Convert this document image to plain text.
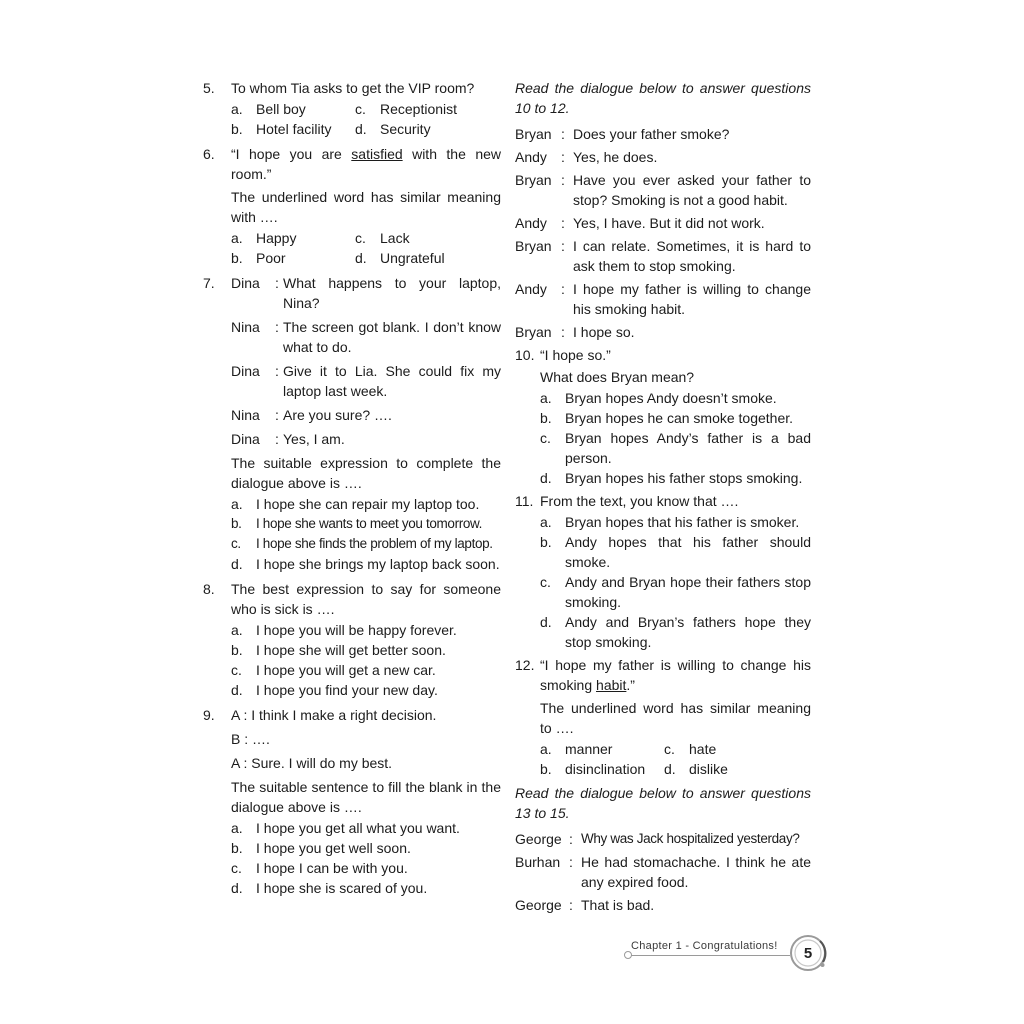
5. To whom Tia asks to get the VIP room?
a. Bell boy	c. Receptionist
b. Hotel facility	d. Security
6. “I hope you are satisfied with the new room.”
The underlined word has similar meaning with ….
a. Happy	c. Lack
b. Poor	d. Ungrateful
7. Dina	: What happens to your laptop, Nina?
Nina	: The screen got blank. I don’t know what to do.
Dina	: Give it to Lia. She could fix my laptop last week.
Nina	: Are you sure? ….
Dina	: Yes, I am.
The suitable expression to complete the dialogue above is ….
a. I hope she can repair my laptop too.
b. I hope she wants to meet you tomorrow.
c. I hope she finds the problem of my laptop.
d. I hope she brings my laptop back soon.
8. The best expression to say for someone who is sick is ….
a. I hope you will be happy forever.
b. I hope she will get better soon.
c. I hope you will get a new car.
d. I hope you find your new day.
9. A : I think I make a right decision.
B : ….
A : Sure. I will do my best.
The suitable sentence to fill the blank in the dialogue above is ….
a. I hope you get all what you want.
b. I hope you get well soon.
c. I hope I can be with you.
d. I hope she is scared of you.
Read the dialogue below to answer questions 10 to 12.
Bryan : Does your father smoke?
Andy	: Yes, he does.
Bryan : Have you ever asked your father to stop? Smoking is not a good habit.
Andy	: Yes, I have. But it did not work.
Bryan : I can relate. Sometimes, it is hard to ask them to stop smoking.
Andy	: I hope my father is willing to change his smoking habit.
Bryan : I hope so.
10. “I hope so.”
What does Bryan mean?
a. Bryan hopes Andy doesn’t smoke.
b. Bryan hopes he can smoke together.
c. Bryan hopes Andy’s father is a bad person.
d. Bryan hopes his father stops smoking.
11. From the text, you know that ….
a. Bryan hopes that his father is smoker.
b. Andy hopes that his father should smoke.
c. Andy and Bryan hope their fathers stop smoking.
d. Andy and Bryan’s fathers hope they stop smoking.
12. “I hope my father is willing to change his smoking habit.”
The underlined word has similar meaning to ….
a. manner	c. hate
b. disinclination	d. dislike
Read the dialogue below to answer questions 13 to 15.
George : Why was Jack hospitalized yesterday?
Burhan : He had stomachache. I think he ate any expired food.
George : That is bad.
Chapter 1 - Congratulations!	5
